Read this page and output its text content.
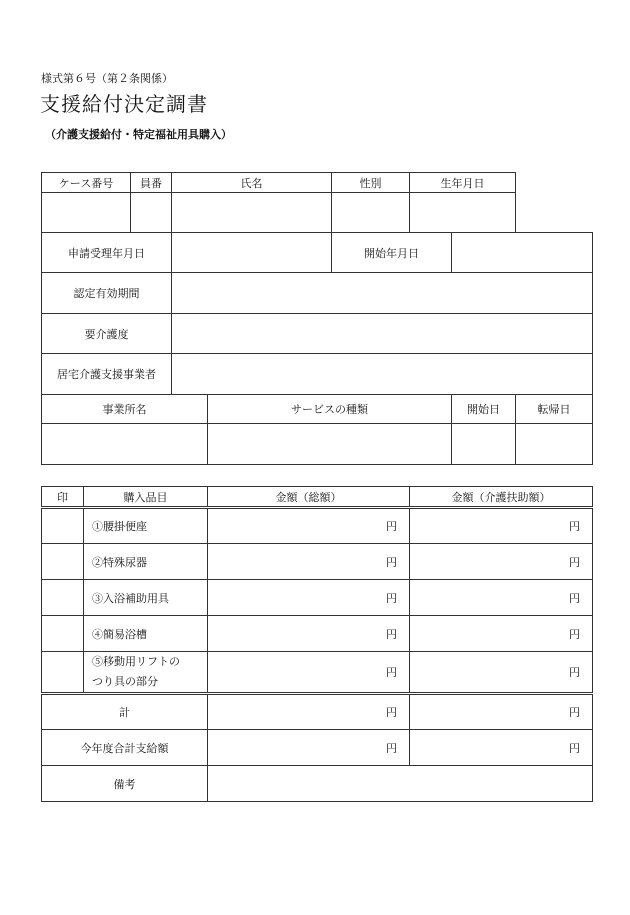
様式第６号（第２条関係）
支援給付決定調書
（介護支援給付・特定福祉用具購入）
ケース番号	員番	氏名		性別	生年月日		

申請受理年月日				開始年月日			
認定有効期間							
要介護度							
居宅介護支援事業者							
事業所名			サービスの種類			開始日	転帰日

印	購入品目	金額（総額）	金額（介護扶助額）
	①腰掛便座	円	円
	②特殊尿器	円	円
	③入浴補助用具	円	円
	④簡易浴槽	円	円

	⑤移動用リフトの
つり具の部分	円	円
計		円	円
今年度合計支給額		円	円
備考			
